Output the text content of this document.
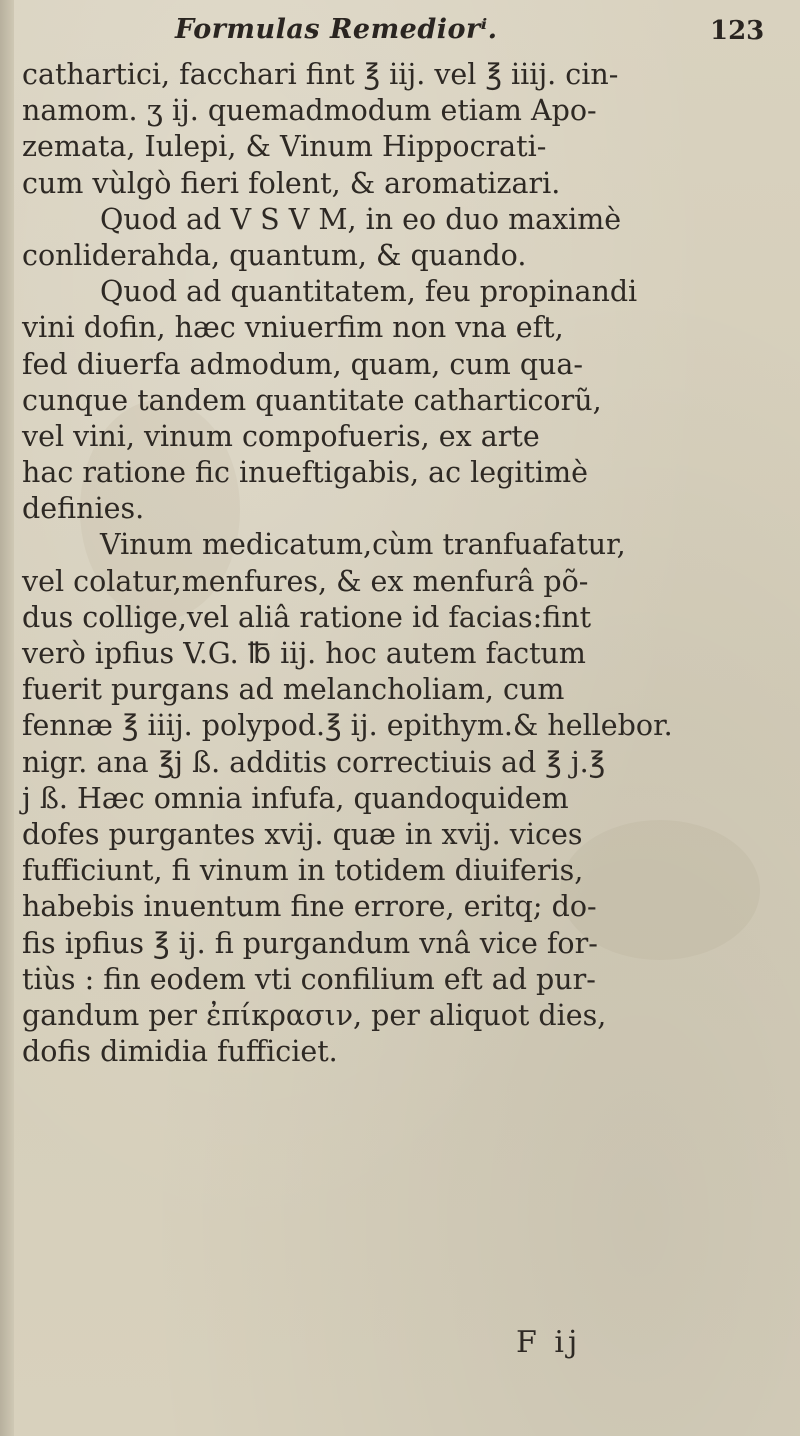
Formulas Remediorⁱ.	123
cathartici, facchari fint ℥ iij. vel ℥ iiij. cin-
namom. ʒ ij. quemadmodum etiam Apo-
zemata, Iulepi, & Vinum Hippocrati-
cum vùlgò fieri folent, & aromatizari.
Quod ad V S V M, in eo duo maximè
conliderahda, quantum, & quando.
Quod ad quantitatem, feu propinandi
vini dofin, hæc vniuerfim non vna eft,
fed diuerfa admodum, quam, cum qua-
cunque tandem quantitate catharticorũ,
vel vini, vinum compofueris, ex arte
hac ratione fic inueftigabis, ac legitimè
definies.
Vinum medicatum,cùm tranfuafatur,
vel colatur,menfures, & ex menfurâ põ-
dus collige,vel aliâ ratione id facias:fint
verò ipfius V.G. ℔ iij. hoc autem factum
fuerit purgans ad melancholiam, cum
fennæ ℥ iiij. polypod.℥ ij. epithym.& hellebor.
nigr. ana ℥j ß. additis correctiuis ad ℥ j.℥
j ß. Hæc omnia infufa, quandoquidem
dofes purgantes xvij. quæ in xvij. vices
fufficiunt, fi vinum in totidem diuiferis,
habebis inuentum fine errore, eritq; do-
fis ipfius ℥ ij. fi purgandum vnâ vice for-
tiùs : fin eodem vti confilium eft ad pur-
gandum per ἐπίκρασιν, per aliquot dies,
dofis dimidia fufficiet.
F ij
